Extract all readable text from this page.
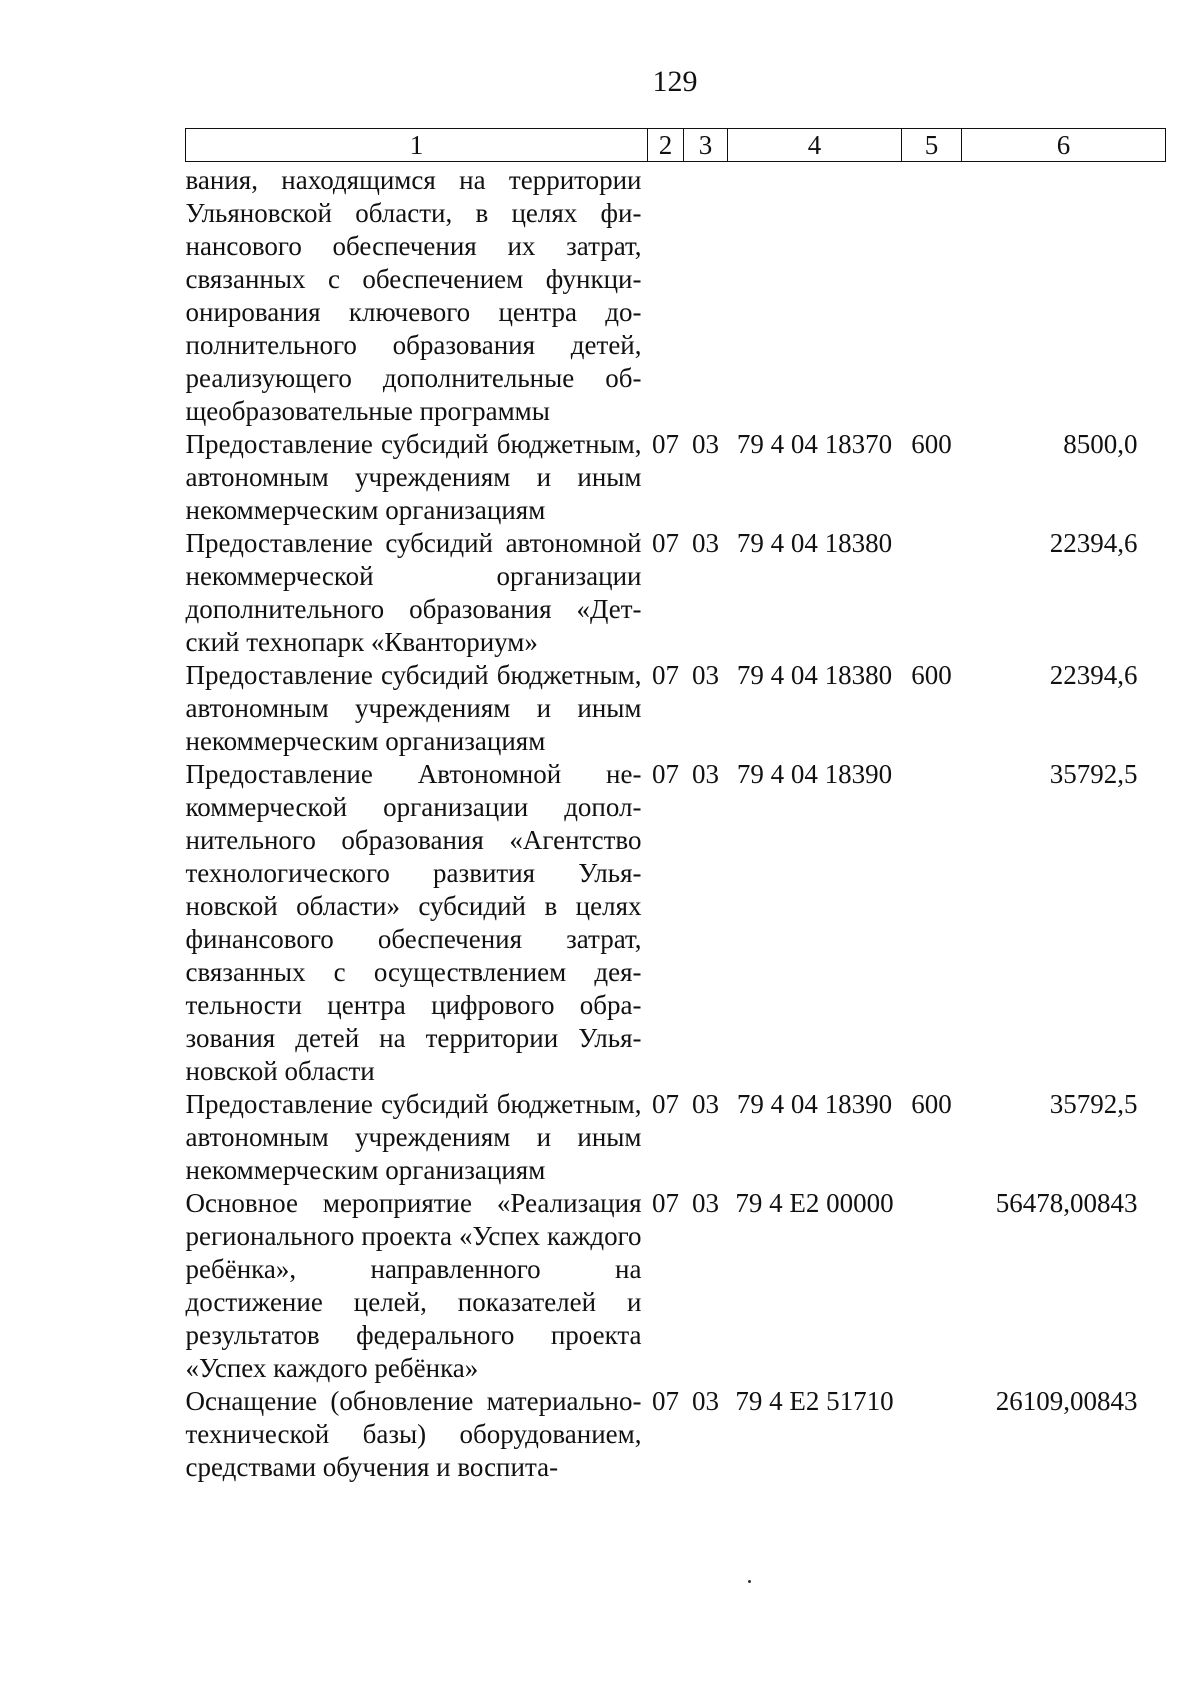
129
1	2	3	4	5	6
вания, находящимся на территории Ульяновской области, в целях финансового обеспечения их затрат, связанных с обеспечением функционирования ключевого центра дополнительного образования детей, реализующего дополнительные общеобразовательные программы					
Предоставление субсидий бюджетным, автономным учреждениям и иным некоммерческим организациям	07	03	79 4 04 18370	600	8500,0
Предоставление субсидий автономной некоммерческой организации дополнительного образования «Детский технопарк «Кванториум»	07	03	79 4 04 18380		22394,6
Предоставление субсидий бюджетным, автономным учреждениям и иным некоммерческим организациям	07	03	79 4 04 18380	600	22394,6
Предоставление Автономной некоммерческой организации дополнительного образования «Агентство технологического развития Ульяновской области» субсидий в целях финансового обеспечения затрат, связанных с осуществлением деятельности центра цифрового образования детей на территории Ульяновской области	07	03	79 4 04 18390		35792,5
Предоставление субсидий бюджетным, автономным учреждениям и иным некоммерческим организациям	07	03	79 4 04 18390	600	35792,5
Основное мероприятие «Реализация регионального проекта «Успех каждого ребёнка», направленного на достижение целей, показателей и результатов федерального проекта «Успех каждого ребёнка»	07	03	79 4 E2 00000		56478,00843
Оснащение (обновление материально-технической базы) оборудованием, средствами обучения и воспита-	07	03	79 4 E2 51710		26109,00843
